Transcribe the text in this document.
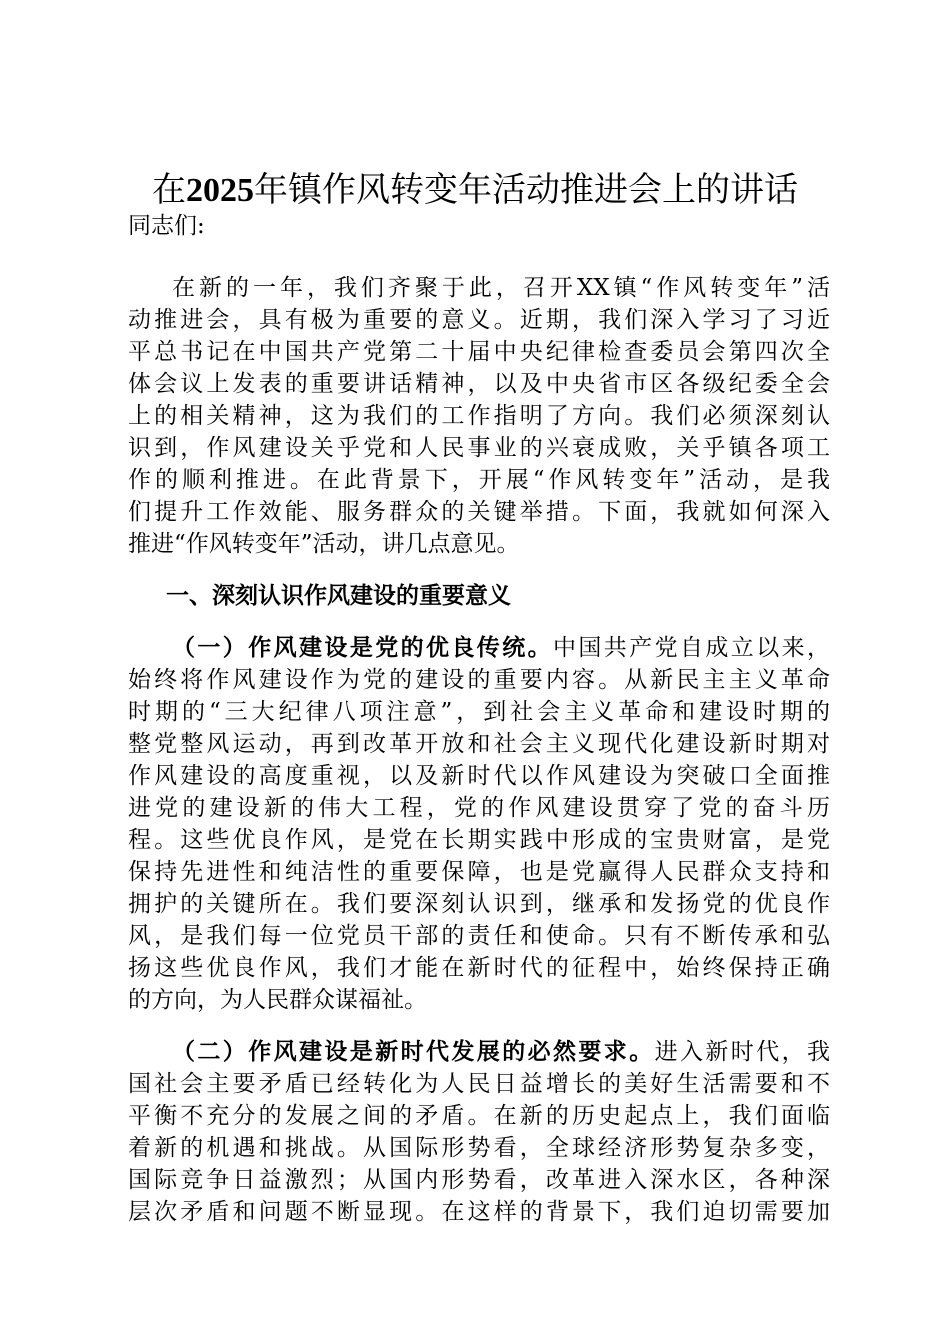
在2025年镇作风转变年活动推进会上的讲话

同志们:

在新的一年，我们齐聚于此，召开XX镇“作风转变年”活
动推进会，具有极为重要的意义。近期，我们深入学习了习近
平总书记在中国共产党第二十届中央纪律检查委员会第四次全
体会议上发表的重要讲话精神，以及中央省市区各级纪委全会
上的相关精神，这为我们的工作指明了方向。我们必须深刻认
识到，作风建设关乎党和人民事业的兴衰成败，关乎镇各项工
作的顺利推进。在此背景下，开展“作风转变年”活动，是我
们提升工作效能、服务群众的关键举措。下面，我就如何深入
推进“作风转变年”活动，讲几点意见。

一、深刻认识作风建设的重要意义

（一）作风建设是党的优良传统。中国共产党自成立以来，
始终将作风建设作为党的建设的重要内容。从新民主主义革命
时期的“三大纪律八项注意”，到社会主义革命和建设时期的
整党整风运动，再到改革开放和社会主义现代化建设新时期对
作风建设的高度重视，以及新时代以作风建设为突破口全面推
进党的建设新的伟大工程，党的作风建设贯穿了党的奋斗历
程。这些优良作风，是党在长期实践中形成的宝贵财富，是党
保持先进性和纯洁性的重要保障，也是党赢得人民群众支持和
拥护的关键所在。我们要深刻认识到，继承和发扬党的优良作
风，是我们每一位党员干部的责任和使命。只有不断传承和弘
扬这些优良作风，我们才能在新时代的征程中，始终保持正确
的方向，为人民群众谋福祉。
（二）作风建设是新时代发展的必然要求。进入新时代，我
国社会主要矛盾已经转化为人民日益增长的美好生活需要和不
平衡不充分的发展之间的矛盾。在新的历史起点上，我们面临
着新的机遇和挑战。从国际形势看，全球经济形势复杂多变，
国际竞争日益激烈；从国内形势看，改革进入深水区，各种深
层次矛盾和问题不断显现。在这样的背景下，我们迫切需要加
